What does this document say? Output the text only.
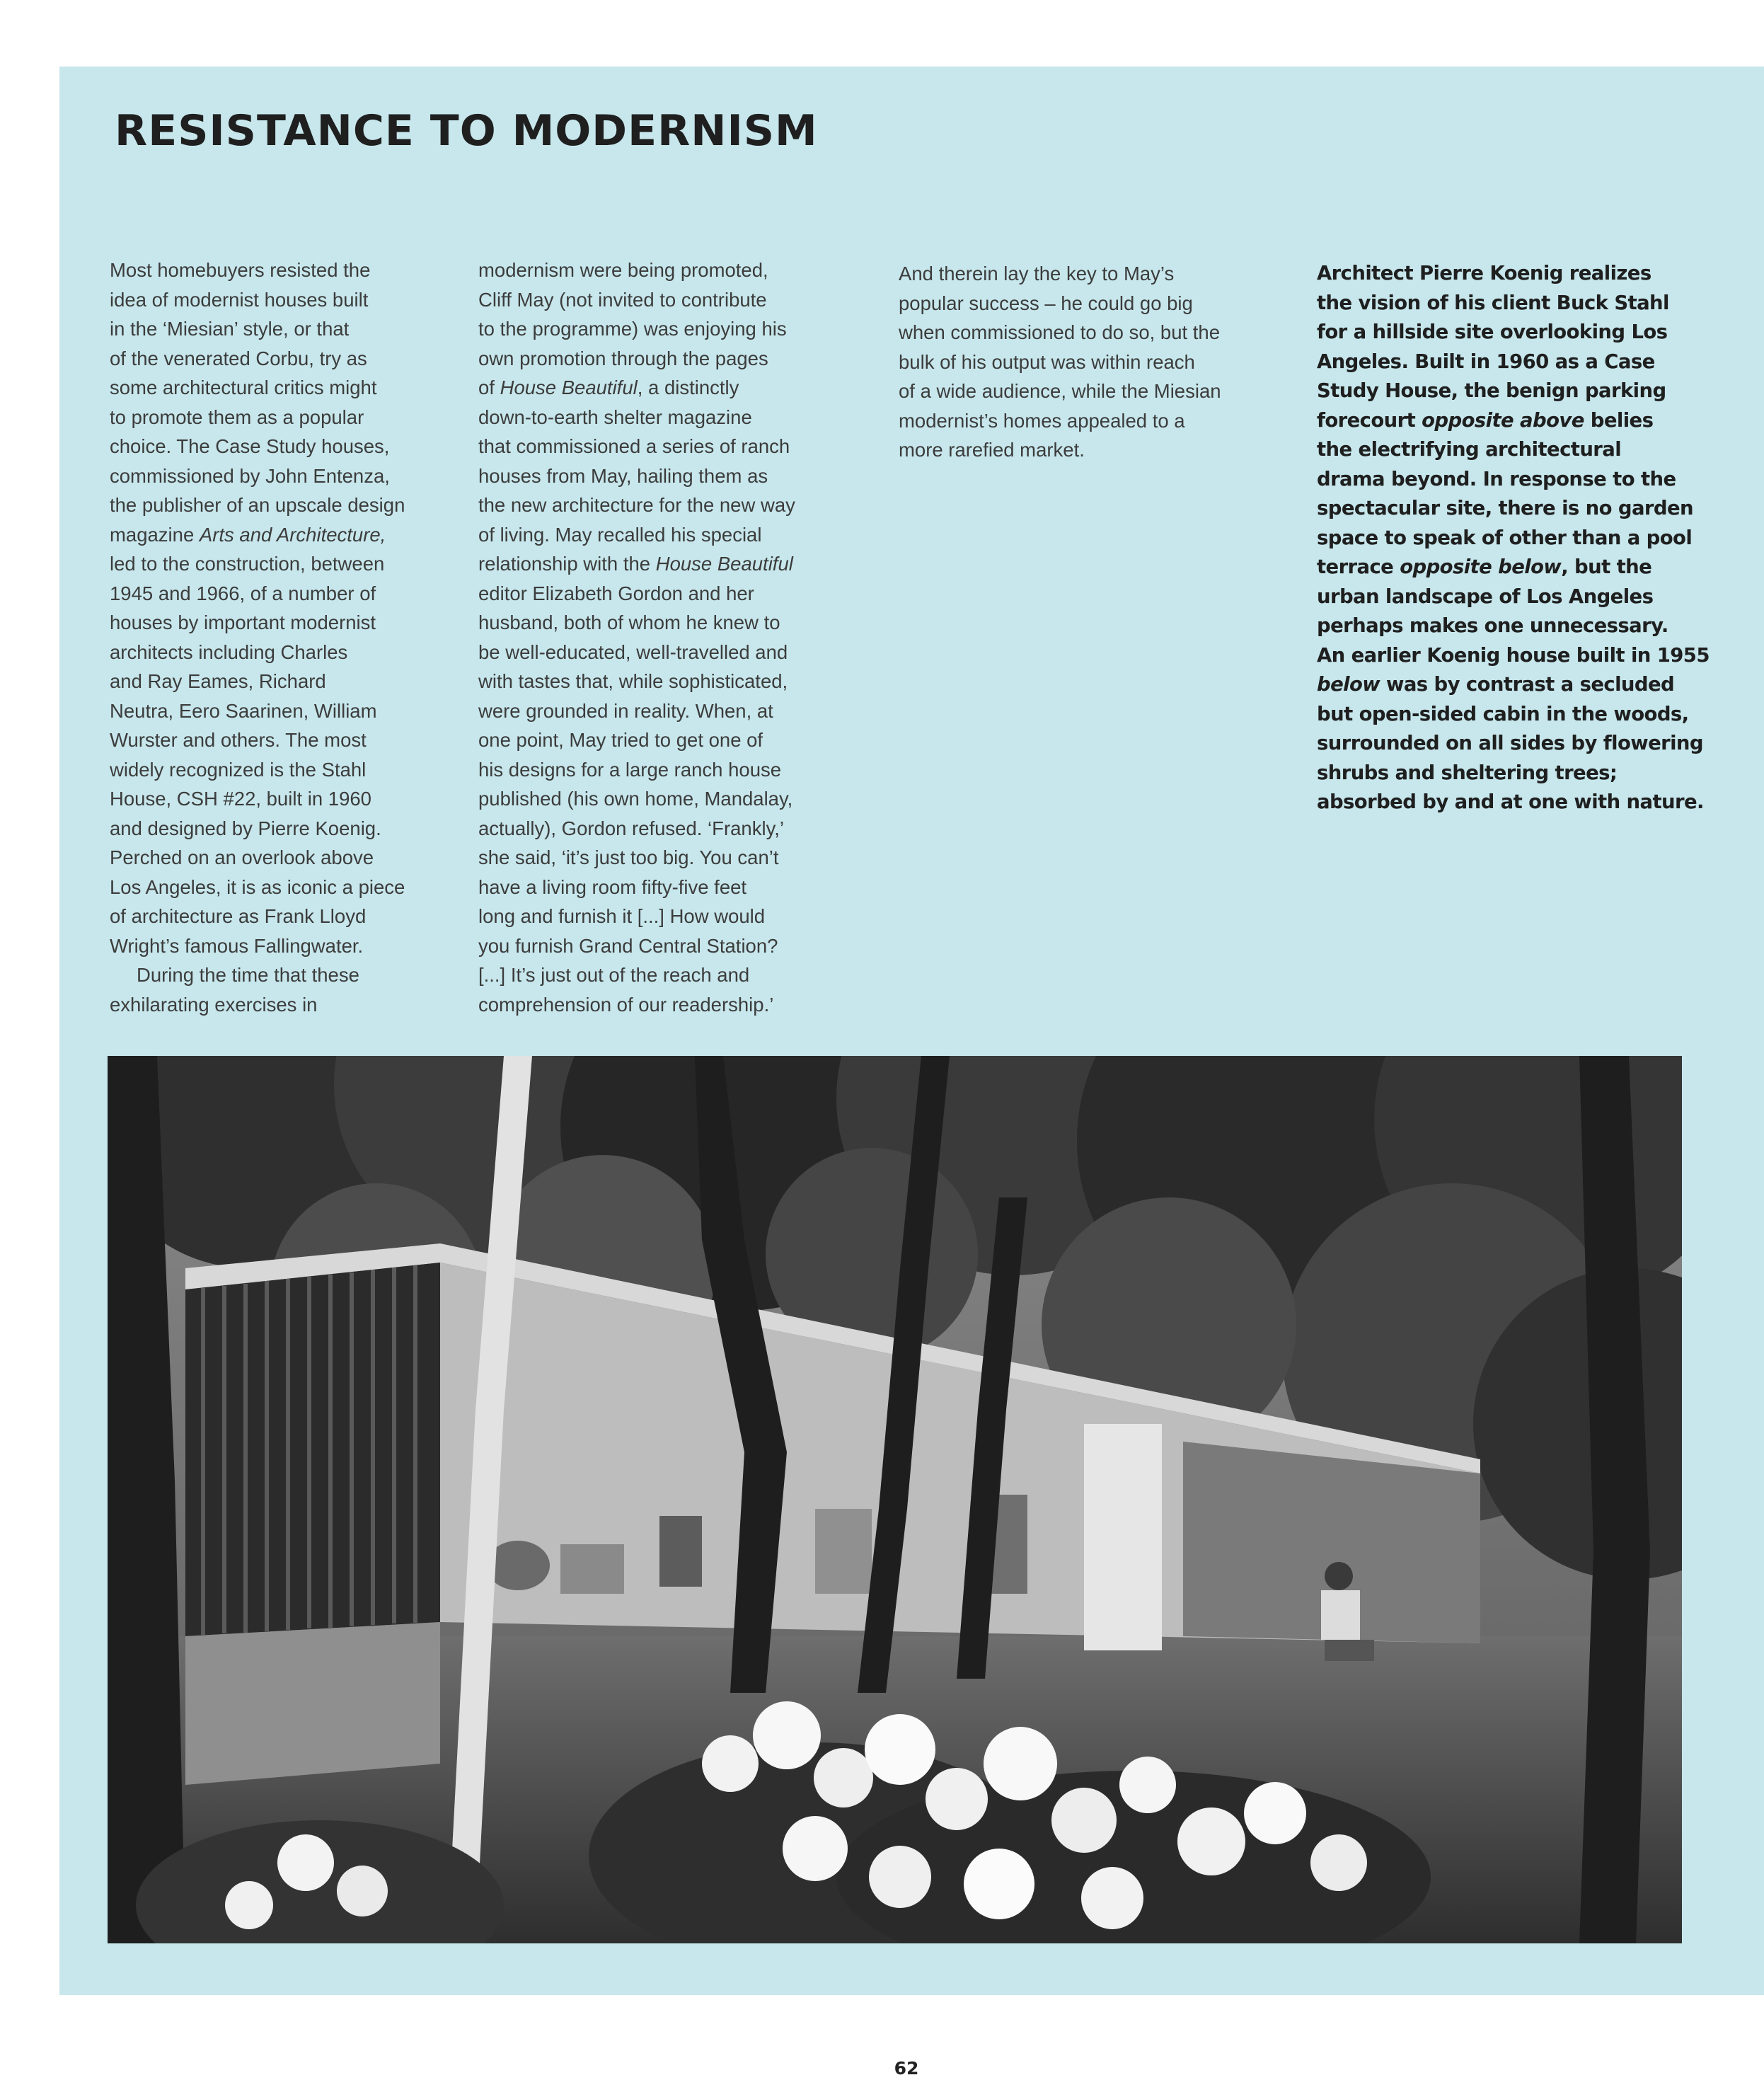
RESISTANCE TO MODERNISM

Most homebuyers resisted the
idea of modernist houses built
in the ‘Miesian’ style, or that
of the venerated Corbu, try as
some architectural critics might
to promote them as a popular
choice. The Case Study houses,
commissioned by John Entenza,
the publisher of an upscale design
magazine Arts and Architecture,
led to the construction, between
1945 and 1966, of a number of
houses by important modernist
architects including Charles
and Ray Eames, Richard
Neutra, Eero Saarinen, William
Wurster and others. The most
widely recognized is the Stahl
House, CSH #22, built in 1960
and designed by Pierre Koenig.
Perched on an overlook above
Los Angeles, it is as iconic a piece
of architecture as Frank Lloyd
Wright’s famous Fallingwater.
During the time that these
exhilarating exercises in

modernism were being promoted,
Cliff May (not invited to contribute
to the programme) was enjoying his
own promotion through the pages
of House Beautiful, a distinctly
down-to-earth shelter magazine
that commissioned a series of ranch
houses from May, hailing them as
the new architecture for the new way
of living. May recalled his special
relationship with the House Beautiful
editor Elizabeth Gordon and her
husband, both of whom he knew to
be well-educated, well-travelled and
with tastes that, while sophisticated,
were grounded in reality. When, at
one point, May tried to get one of
his designs for a large ranch house
published (his own home, Mandalay,
actually), Gordon refused. ‘Frankly,’
she said, ‘it’s just too big. You can’t
have a living room fifty-five feet
long and furnish it [...] How would
you furnish Grand Central Station?
[...] It’s just out of the reach and
comprehension of our readership.’

And therein lay the key to May’s
popular success – he could go big
when commissioned to do so, but the
bulk of his output was within reach
of a wide audience, while the Miesian
modernist’s homes appealed to a
more rarefied market.

Architect Pierre Koenig realizes
the vision of his client Buck Stahl
for a hillside site overlooking Los
Angeles. Built in 1960 as a Case
Study House, the benign parking
forecourt opposite above belies
the electrifying architectural
drama beyond. In response to the
spectacular site, there is no garden
space to speak of other than a pool
terrace opposite below, but the
urban landscape of Los Angeles
perhaps makes one unnecessary.
An earlier Koenig house built in 1955
below was by contrast a secluded
but open-sided cabin in the woods,
surrounded on all sides by flowering
shrubs and sheltering trees;
absorbed by and at one with nature.

62
